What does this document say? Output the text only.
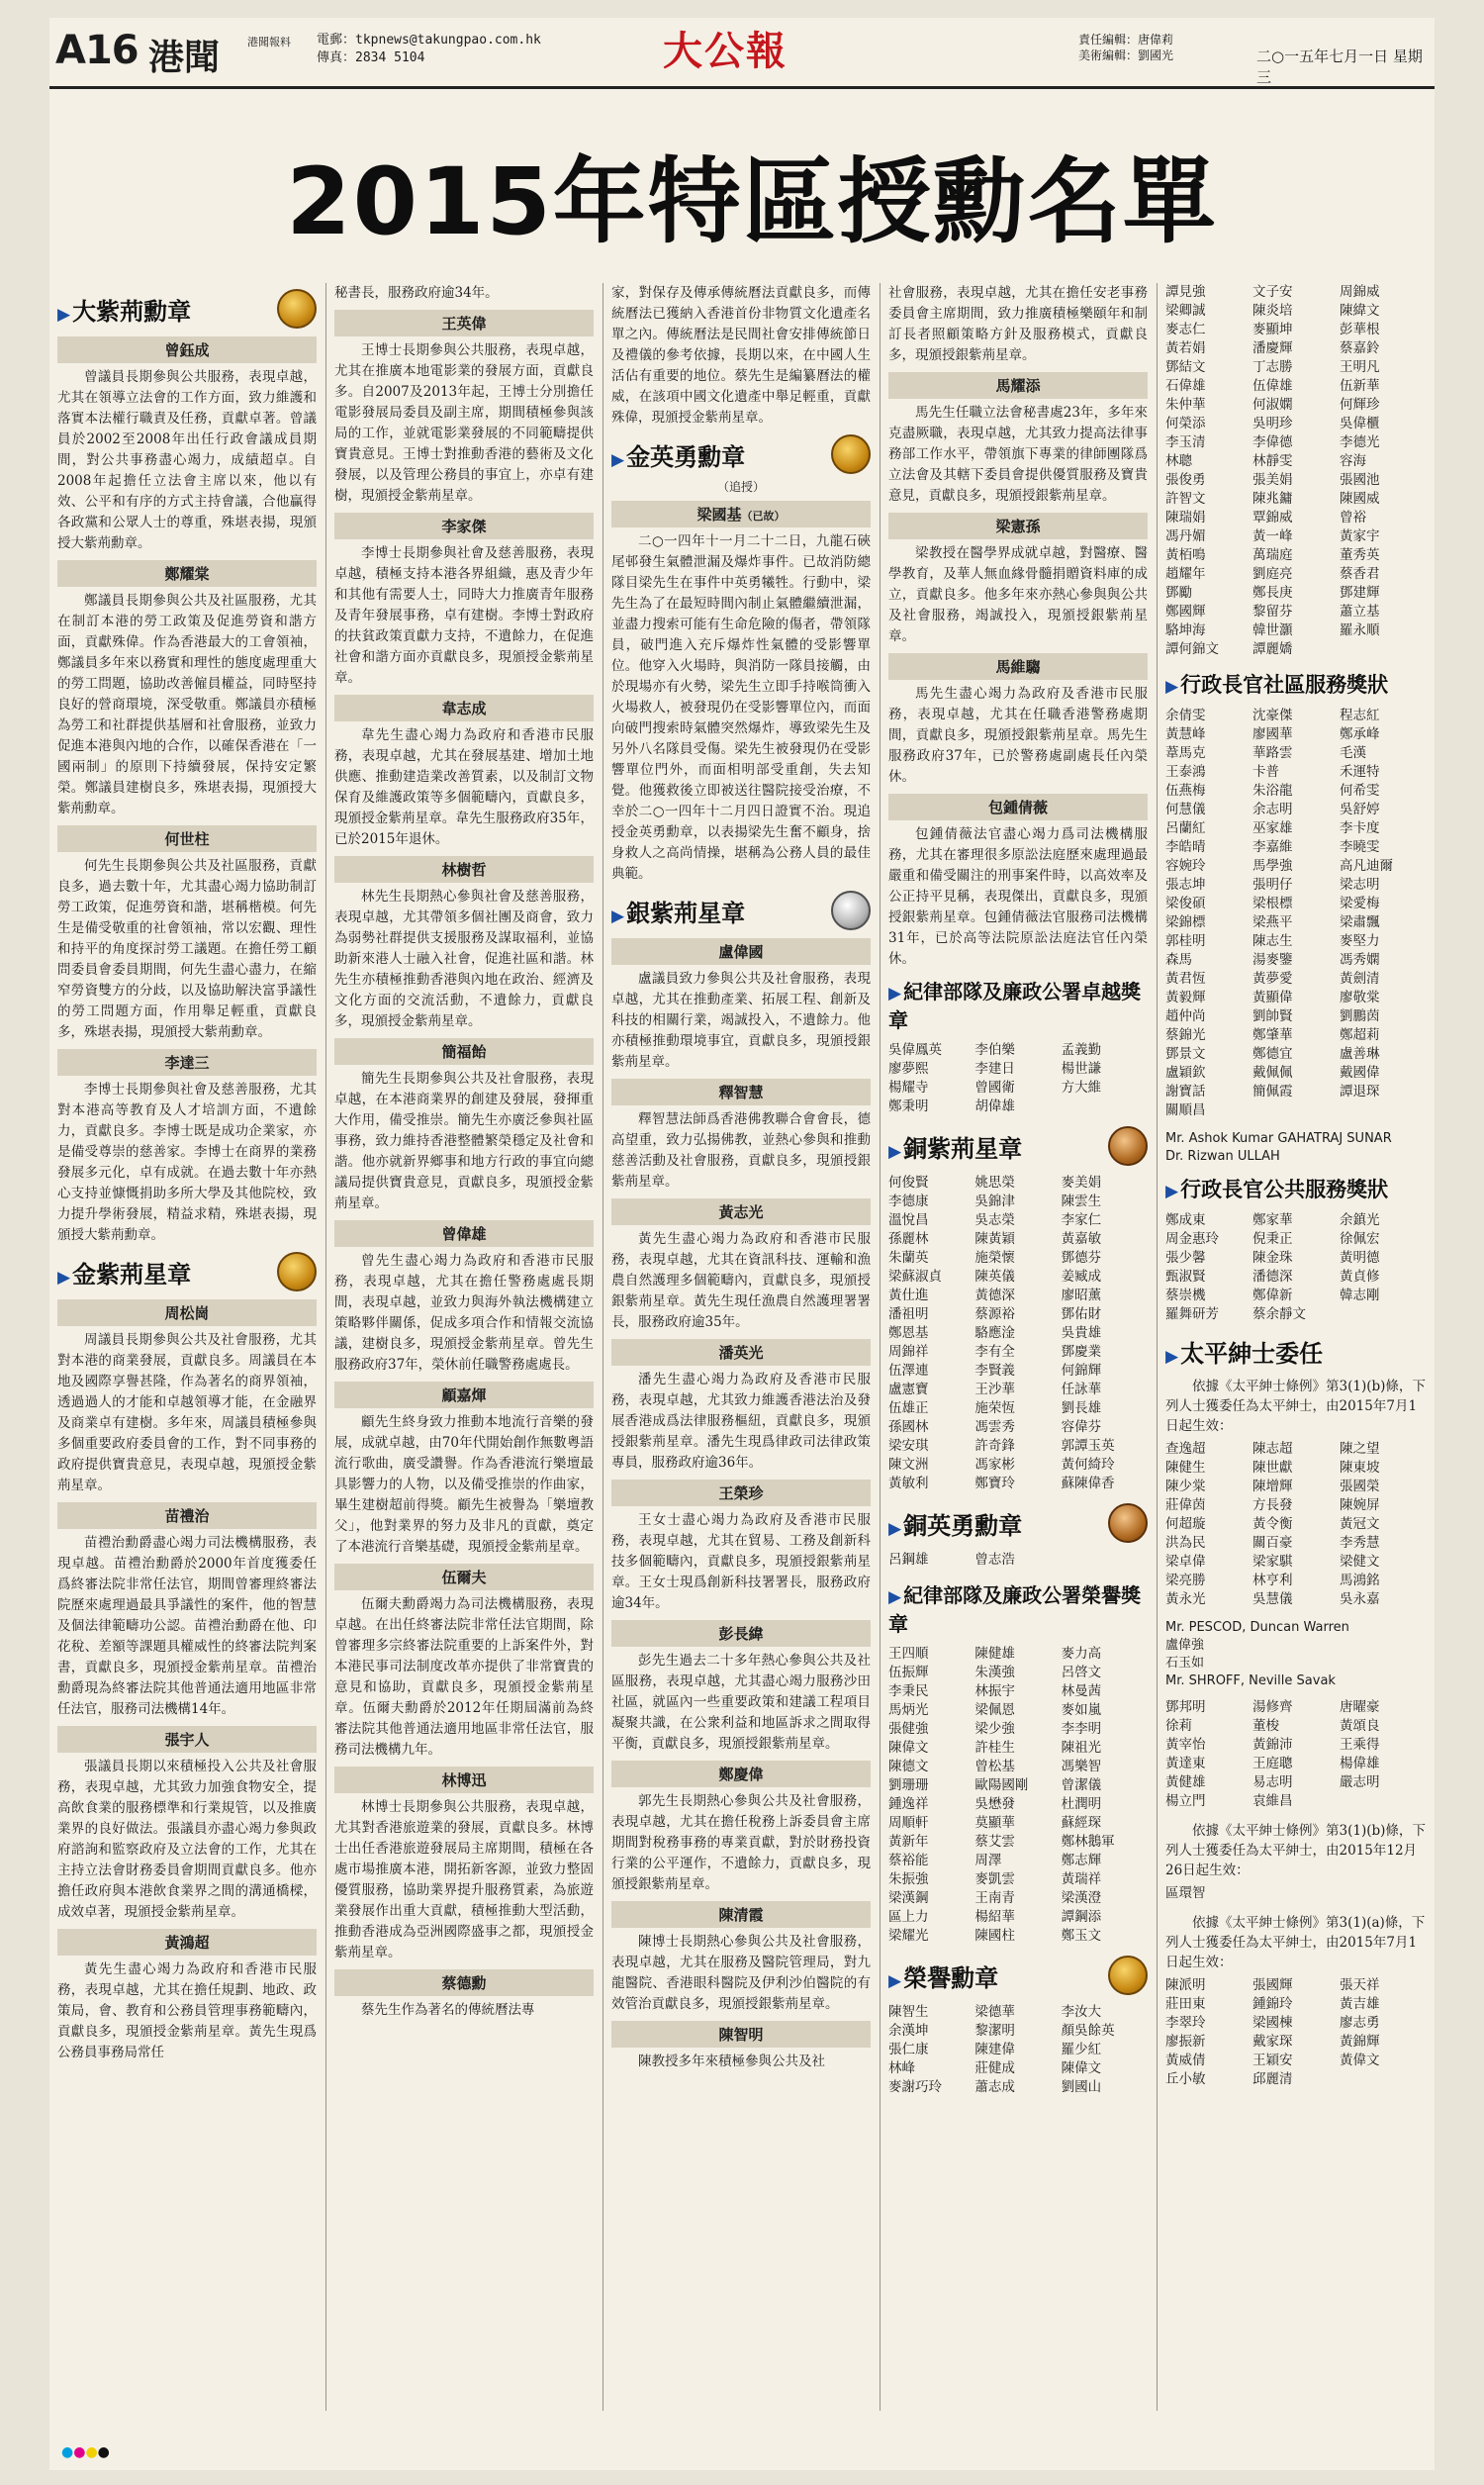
A16 港聞	港聞報料	電郵：tkpnews@takungpao.com.hk
傳真：2834 5104	大公報	責任編輯：唐偉莉
美術編輯：劉國光	二○一五年七月一日 星期三
2015年特區授勳名單
▶ 大紫荊勳章
曾鈺成
曾議員長期參與公共服務，表現卓越，尤其在領導立法會的工作方面，致力維護和落實本法權行職責及任務，貢獻卓著。曾議員於2002至2008年出任行政會議成員期間，對公共事務盡心竭力，成績超卓。自2008年起擔任立法會主席以來，他以有效、公平和有序的方式主持會議，合他贏得各政黨和公眾人士的尊重，殊堪表揚，現頒授大紫荊勳章。
鄭耀棠
鄭議員長期參與公共及社區服務，尤其在制訂本港的勞工政策及促進勞資和諧方面，貢獻殊偉。作為香港最大的工會領袖，鄭議員多年來以務實和理性的態度處理重大的勞工問題，協助改善僱員權益，同時堅持良好的營商環境，深受敬重。鄭議員亦積極為勞工和社群提供基層和社會服務，並致力促進本港與內地的合作，以確保香港在「一國兩制」的原則下持續發展，保持安定繁榮。鄭議員建樹良多，殊堪表揚，現頒授大紫荊勳章。
何世柱
何先生長期參與公共及社區服務，貢獻良多，過去數十年，尤其盡心竭力協助制訂勞工政策，促進勞資和諧，堪稱楷模。何先生是備受敬重的社會領袖，常以宏觀、理性和持平的角度探討勞工議題。在擔任勞工顧問委員會委員期間，何先生盡心盡力，在縮窄勞資雙方的分歧，以及協助解決富爭議性的勞工問題方面，作用舉足輕重，貢獻良多，殊堪表揚，現頒授大紫荊勳章。
李達三
李博士長期參與社會及慈善服務，尤其對本港高等教育及人才培訓方面，不遺餘力，貢獻良多。李博士既是成功企業家，亦是備受尊崇的慈善家。李博士在商界的業務發展多元化，卓有成就。在過去數十年亦熱心支持並慷慨捐助多所大學及其他院校，致力提升學術發展，精益求精，殊堪表揚，現頒授大紫荊勳章。
▶ 金紫荊星章
周松崗
周議員長期參與公共及社會服務，尤其對本港的商業發展，貢獻良多。周議員在本地及國際享譽甚隆，作為著名的商界領袖，透過過人的才能和卓越領導才能，在金融界及商業卓有建樹。多年來，周議員積極參與多個重要政府委員會的工作，對不同事務的政府提供寶貴意見，表現卓越，現頒授金紫荊星章。
苗禮治
苗禮治勳爵盡心竭力司法機構服務，表現卓越。苗禮治勳爵於2000年首度獲委任爲終審法院非常任法官，期間曾審理終審法院歷來處理過最具爭議性的案件，他的智慧及個法律範疇功公認。苗禮治勳爵在他、印花稅、差額等課題具權威性的終審法院判案書，貢獻良多，現頒授金紫荊星章。苗禮治勳爵現為終審法院其他普通法適用地區非常任法官，服務司法機構14年。
張宇人
張議員長期以來積極投入公共及社會服務，表現卓越，尤其致力加強食物安全，提高飲食業的服務標準和行業規管，以及推廣業界的良好做法。張議員亦盡心竭力參與政府諮詢和監察政府及立法會的工作，尤其在主持立法會財務委員會期間貢獻良多。他亦擔任政府與本港飲食業界之間的溝通橋樑，成效卓著，現頒授金紫荊星章。
黃鴻超
黃先生盡心竭力為政府和香港市民服務，表現卓越，尤其在擔任規劃、地政、政策局，會、教育和公務員管理事務範疇內，貢獻良多，現頒授金紫荊星章。黃先生現爲公務員事務局常任
秘書長，服務政府逾34年。
王英偉
王博士長期參與公共服務，表現卓越，尤其在推廣本地電影業的發展方面，貢獻良多。自2007及2013年起，王博士分別擔任電影發展局委員及副主席，期間積極參與該局的工作，並就電影業發展的不同範疇提供寶貴意見。王博士對推動香港的藝術及文化發展，以及管理公務員的事宜上，亦卓有建樹，現頒授金紫荊星章。
李家傑
李博士長期參與社會及慈善服務，表現卓越，積極支持本港各界組織，惠及青少年和其他有需要人士，同時大力推廣青年服務及青年發展事務，卓有建樹。李博士對政府的扶貧政策貢獻力支持，不遺餘力，在促進社會和諧方面亦貢獻良多，現頒授金紫荊星章。
韋志成
韋先生盡心竭力為政府和香港市民服務，表現卓越，尤其在發展基建、增加土地供應、推動建造業改善質素，以及制訂文物保育及維護政策等多個範疇內，貢獻良多，現頒授金紫荊星章。韋先生服務政府35年，已於2015年退休。
林樹哲
林先生長期熱心參與社會及慈善服務，表現卓越，尤其帶領多個社團及商會，致力為弱勢社群提供支援服務及謀取福利，並協助新來港人士融入社會，促進社區和諧。林先生亦積極推動香港與內地在政治、經濟及文化方面的交流活動，不遺餘力，貢獻良多，現頒授金紫荊星章。
簡福飴
簡先生長期參與公共及社會服務，表現卓越，在本港商業界的創建及發展，發揮重大作用，備受推崇。簡先生亦廣泛參與社區事務，致力維持香港整體繁榮穩定及社會和諧。他亦就新界鄉事和地方行政的事宜向總議局提供寶貴意見，貢獻良多，現頒授金紫荊星章。
曾偉雄
曾先生盡心竭力為政府和香港市民服務，表現卓越，尤其在擔任警務處處長期間，表現卓越，並致力與海外執法機構建立策略夥伴關係，促成多項合作和情報交流協議，建樹良多，現頒授金紫荊星章。曾先生服務政府37年，榮休前任職警務處處長。
顧嘉煇
顧先生終身致力推動本地流行音樂的發展，成就卓越，由70年代開始創作無數粵語流行歌曲，廣受讚譽。作為香港流行樂壇最具影響力的人物，以及備受推崇的作曲家，畢生建樹超前得獎。顧先生被譽為「樂壇教父」，他對業界的努力及非凡的貢獻，奠定了本港流行音樂基礎，現頒授金紫荊星章。
伍爾夫
伍爾夫勳爵竭力為司法機構服務，表現卓越。在出任終審法院非常任法官期間，除曾審理多宗終審法院重要的上訴案件外，對本港民事司法制度改革亦提供了非常寶貴的意見和協助，貢獻良多，現頒授金紫荊星章。伍爾夫勳爵於2012年任期屆滿前為終審法院其他普通法適用地區非常任法官，服務司法機構九年。
林博迅
林博士長期參與公共服務，表現卓越，尤其對香港旅遊業的發展，貢獻良多。林博士出任香港旅遊發展局主席期間，積極在各處市場推廣本港，開拓新客源，並致力整固優質服務，協助業界提升服務質素，為旅遊業發展作出重大貢獻，積極推動大型活動，推動香港成為亞洲國際盛事之都，現頒授金紫荊星章。
蔡德勳
蔡先生作為著名的傳統曆法專
家，對保存及傳承傳統曆法貢獻良多，而傳統曆法已獲納入香港首份非物質文化遺產名單之內。傳統曆法是民間社會安排傳統節日及禮儀的參考依據，長期以來，在中國人生活佔有重要的地位。蔡先生是編纂曆法的權威，在該項中國文化遺產中舉足輕重，貢獻殊偉，現頒授金紫荊星章。
▶ 金英勇勳章
（追授）
梁國基（已故）
二○一四年十一月二十二日，九龍石硤尾邨發生氣體泄漏及爆炸事件。已故消防總隊目梁先生在事件中英勇犧牲。行動中，梁先生為了在最短時間內制止氣體繼續泄漏，並盡力搜索可能有生命危險的傷者，帶領隊員，破門進入充斥爆炸性氣體的受影響單位。他穿入火場時，與消防一隊員接觸，由於現場亦有火勢，梁先生立即手持喉筒衝入火場救人，被發現仍在受影響單位內，而面向破門搜索時氣體突然爆炸，導致梁先生及另外八名隊員受傷。梁先生被發現仍在受影響單位門外，而面相明部受重創，失去知覺。他獲救後立即被送往醫院接受治療，不幸於二○一四年十二月四日證實不治。現追授金英勇勳章，以表揚梁先生奮不顧身，捨身救人之高尚情操，堪稱為公務人員的最佳典範。
▶ 銀紫荊星章
盧偉國
盧議員致力參與公共及社會服務，表現卓越，尤其在推動產業、拓展工程、創新及科技的相關行業，竭誠投入，不遺餘力。他亦積極推動環境事宜，貢獻良多，現頒授銀紫荊星章。
釋智慧
釋智慧法師爲香港佛教聯合會會長，德高望重，致力弘揚佛教，並熱心參與和推動慈善活動及社會服務，貢獻良多，現頒授銀紫荊星章。
黃志光
黃先生盡心竭力為政府和香港市民服務，表現卓越，尤其在資訊科技、運輸和漁農自然護理多個範疇內，貢獻良多，現頒授銀紫荊星章。黃先生現任漁農自然護理署署長，服務政府逾35年。
潘英光
潘先生盡心竭力為政府及香港市民服務，表現卓越，尤其致力維護香港法治及發展香港成爲法律服務樞紐，貢獻良多，現頒授銀紫荊星章。潘先生現爲律政司法律政策專員，服務政府逾36年。
王榮珍
王女士盡心竭力為政府及香港市民服務，表現卓越，尤其在貿易、工務及創新科技多個範疇內，貢獻良多，現頒授銀紫荊星章。王女士現爲創新科技署署長，服務政府逾34年。
彭長緯
彭先生過去二十多年熱心參與公共及社區服務，表現卓越，尤其盡心竭力服務沙田社區，就區內一些重要政策和建議工程項目凝聚共識，在公衆利益和地區訴求之間取得平衡，貢獻良多，現頒授銀紫荊星章。
鄭慶偉
郭先生長期熱心參與公共及社會服務，表現卓越，尤其在擔任稅務上訴委員會主席期間對稅務事務的專業貢獻，對於財務投資行業的公平運作，不遺餘力，貢獻良多，現頒授銀紫荊星章。
陳清霞
陳博士長期熱心參與公共及社會服務，表現卓越，尤其在服務及醫院管理局，對九龍醫院、香港眼科醫院及伊利沙伯醫院的有效管治貢獻良多，現頒授銀紫荊星章。
陳智明
陳教授多年來積極參與公共及社
社會服務，表現卓越，尤其在擔任安老事務委員會主席期間，致力推廣積極樂頤年和制訂長者照顧策略方針及服務模式，貢獻良多，現頒授銀紫荊星章。
馬耀添
馬先生任職立法會秘書處23年，多年來克盡厥職，表現卓越，尤其致力提高法律事務部工作水平，帶領旗下專業的律師團隊爲立法會及其轄下委員會提供優質服務及寶貴意見，貢獻良多，現頒授銀紫荊星章。
梁憲孫
梁教授在醫學界成就卓越，對醫療、醫學教育，及華人無血緣骨髓捐贈資料庫的成立，貢獻良多。他多年來亦熱心參與與公共及社會服務，竭誠投入，現頒授銀紫荊星章。
馬維騶
馬先生盡心竭力為政府及香港市民服務，表現卓越，尤其在任職香港警務處期間，貢獻良多，現頒授銀紫荊星章。馬先生服務政府37年，已於警務處副處長任內榮休。
包鍾倩薇
包鍾倩薇法官盡心竭力爲司法機構服務，尤其在審理很多原訟法庭歷來處理過最嚴重和備受關注的刑事案件時，以高效率及公正持平見稱，表現傑出，貢獻良多，現頒授銀紫荊星章。包鍾倩薇法官服務司法機構31年，已於高等法院原訟法庭法官任內榮休。
▶ 紀律部隊及廉政公署卓越獎章
吳偉鳳英	李伯樂	孟義勤
廖夢熙	李建日	楊世謙
楊耀寺	曾國衛	方大維
鄭秉明	胡偉雄
▶ 銅紫荊星章
何俊賢	姚思榮	麥美娟
李德康	吳錦津	陳雲生
溫悅昌	吳志榮	李家仁
孫麗林	陳黃穎	黃嘉敏
朱蘭英	施榮懷	鄧德芬
梁蘇淑貞	陳英儀	姜臧成
黃仕進	黃德深	廖昭薰
潘祖明	蔡源裕	鄧佑財
鄭恩基	駱應淦	吳貴雄
周錦祥	李有全	鄧慶業
伍澤連	李賢義	何錦輝
盧憲寶	王沙華	任詠華
伍雄正	施荣恆	劉長雄
孫國林	馮雲秀	容偉芬
梁安琪	許奇鋒	郭譚玉英
陳文洲	馮家彬	黃何綺玲
黃敏利	鄭寶玲	蘇陳偉香
▶ 銅英勇勳章
呂鋼雄	曾志浩
▶ 紀律部隊及廉政公署榮譽獎章
王四順	陳健雄	麥力高
伍振輝	朱漢強	呂啓文
李秉民	林振宇	林曼茜
馬炳光	梁佩恩	麥如嵐
張健強	梁少強	李李明
陳偉文	許桂生	陳祖光
陳德文	曾松基	馮樂智
劉珊珊	歐陽國剛	曾潔儀
鍾逸祥	吳懋發	杜潤明
周順軒	莫顯華	蘇經琛
黃新年	蔡艾雲	鄭林鵝軍
蔡裕能	周澤	鄭志輝
朱振強	麥凱雲	黃瑞祥
梁漢鋼	王南青	梁漢澄
區上力	楊紹華	譚鋼添
梁耀光	陳國柱	鄭玉文
▶ 榮譽勳章
陳智生	梁德華	李汝大
余漢坤	黎潔明	顏吳餘英
張仁康	陳建偉	羅少紅
林峰	莊健成	陳偉文
麥謝巧玲	蕭志成	劉國山
譚見強	文子安	周錦威
梁卿誠	陳炎培	陳緯文
麥志仁	麥顯坤	彭華根
黃若娟	潘慶輝	蔡嘉鈴
鄧結文	丁志勝	王明凡
石偉雄	伍偉雄	伍新華
朱仲華	何淑嫻	何輝珍
何榮添	吳明珍	吳偉櫃
李玉清	李偉德	李德光
林聰	林靜雯	容海
張俊勇	張美娟	張國池
許智文	陳兆鏞	陳國威
陳瑞娟	覃錦威	曾裕
馮丹媚	黃一峰	黃家宇
黃栢鳴	萬瑞庭	董秀英
趙耀年	劉庭亮	蔡香君
鄧勵	鄭長庚	鄧建輝
鄭國輝	黎留芬	蕭立基
駱坤海	韓世灝	羅永順
譚何錦文	譚麗嬌
▶ 行政長官社區服務獎狀
余倩雯	沈豪傑	程志紅
黃慧峰	廖國華	鄭承峰
葦馬克	華路雲	毛漢
王泰鴻	卡普	禾運特
伍燕梅	朱浴龍	何希雯
何慧儀	余志明	吳舒婷
呂蘭紅	巫家雄	李卡度
李皓晴	李嘉維	李曉雯
容婉玲	馬學強	高凡迪爾
張志坤	張明仔	梁志明
梁俊碩	梁根標	梁愛梅
梁錦標	梁燕平	梁肅飄
郭桂明	陳志生	麥堅力
森馬	湯麥鑒	馮秀嫻
黃君恆	黃夢愛	黃劍清
黃毅輝	黃顯偉	廖敬棠
趙仲尚	劉帥賢	劉鵬茵
蔡錦光	鄭肇華	鄭超莉
鄧景文	鄭德宜	盧善琳
盧穎欽	戴佩佩	戴國偉
謝寶話	簡佩霞	譚退琛
關順昌
Mr. Ashok Kumar GAHATRAJ SUNAR
Dr. Rizwan ULLAH
▶ 行政長官公共服務獎狀
鄭成東	鄭家華	余鎮光
周金惠玲	倪秉正	徐佩宏
張少馨	陳金珠	黃明德
甄淑賢	潘德深	黃貞修
蔡崇機	鄭偉新	韓志剛
羅舞研芳	蔡余靜文
▶ 太平紳士委任
依據《太平紳士條例》第3(1)(b)條，下列人士獲委任為太平紳士，由2015年7月1日起生效：
查逸超	陳志超	陳之望
陳健生	陳世獻	陳東坡
陳少棠	陳增輝	張國榮
莊偉茵	方長發	陳婉屏
何超璇	黃令衡	黃冠文
洪為民	關百豪	李秀慧
梁卓偉	梁家騏	梁健文
梁亮勝	林亨利	馬鴻銘
黃永光	吳慧儀	吳永嘉
Mr. PESCOD, Duncan Warren
盧偉強
石玉如
Mr. SHROFF, Neville Savak
鄧邦明	湯修齊	唐曜豪
徐莉	董梭	黃頌良
黃宰怡	黃錦沛	王乘得
黃達東	王庭聰	楊偉雄
黃健雄	易志明	嚴志明
楊立門	袁維昌
依據《太平紳士條例》第3(1)(b)條，下列人士獲委任為太平紳士，由2015年12月26日起生效：
區環智
依據《太平紳士條例》第3(1)(a)條，下列人士獲委任為太平紳士，由2015年7月1日起生效：
陳派明	張國輝	張天祥
莊田東	鍾錦玲	黃吉雄
李翠玲	梁國棟	廖志勇
廖振新	戴家琛	黃錦輝
黃威倩	王穎安	黃偉文
丘小敏	邱麗清
●●●●
